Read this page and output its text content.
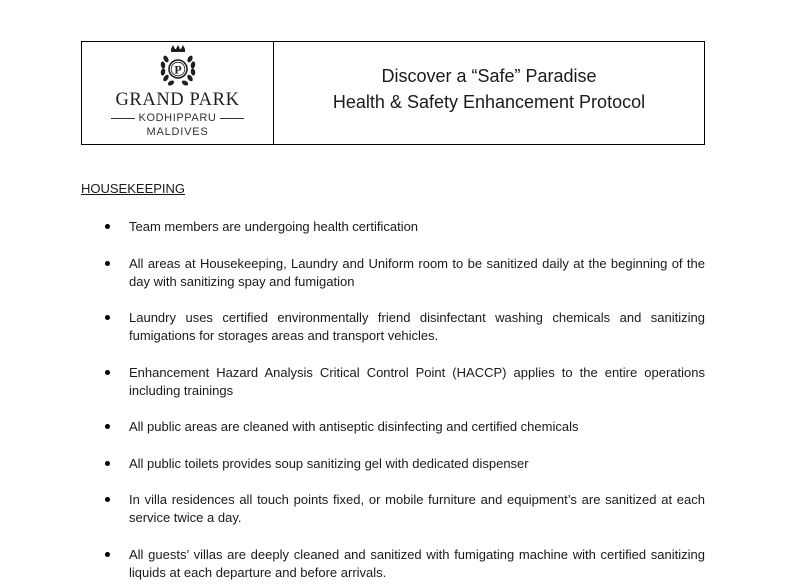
P
GRAND PARK
KODHIPPARU
MALDIVES
Discover a “Safe” Paradise
Health & Safety Enhancement Protocol
HOUSEKEEPING
Team members are undergoing health certification
All areas at Housekeeping, Laundry and Uniform room to be sanitized daily at the beginning of the day with sanitizing spay and fumigation
Laundry uses certified environmentally friend disinfectant washing chemicals and sanitizing fumigations for storages areas and transport vehicles.
Enhancement Hazard Analysis Critical Control Point (HACCP) applies to the entire operations including trainings
All public areas are cleaned with antiseptic disinfecting and certified chemicals
All public toilets provides soup sanitizing gel with dedicated dispenser
In villa residences all touch points fixed, or mobile furniture and equipment’s are sanitized at each service twice a day.
All guests’ villas are deeply cleaned and sanitized with fumigating machine with certified sanitizing liquids at each departure and before arrivals.
